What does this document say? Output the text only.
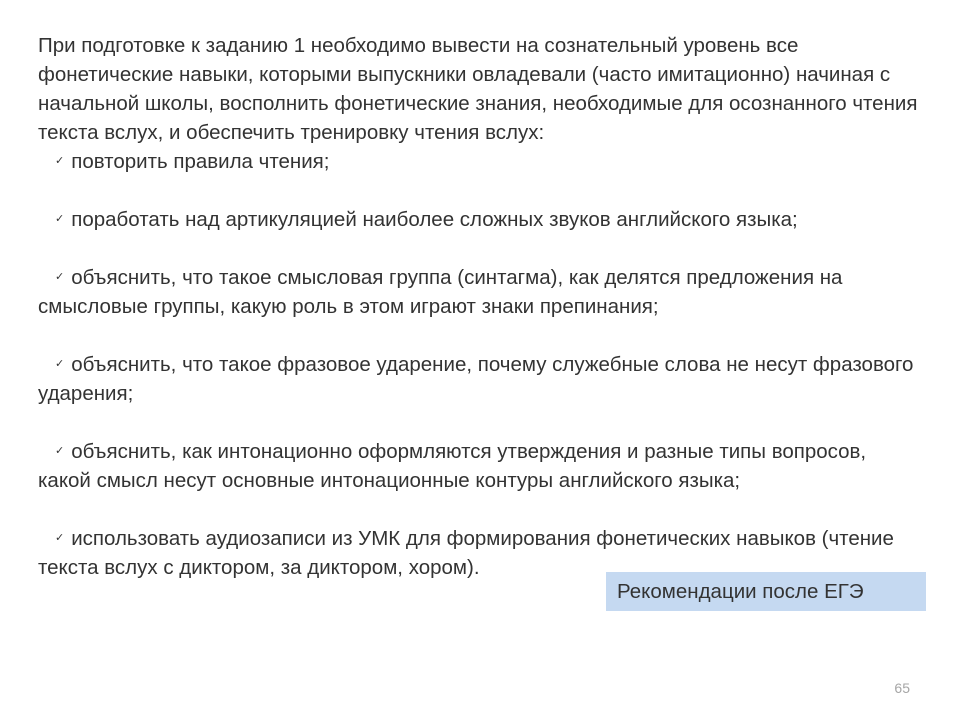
При подготовке к заданию 1 необходимо вывести на сознательный уровень все фонетические навыки, которыми выпускники овладевали (часто имитационно) начиная с начальной школы, восполнить фонетические знания, необходимые для осознанного чтения текста вслух, и обеспечить тренировку чтения вслух:

✓ повторить правила чтения;

✓ поработать над артикуляцией наиболее сложных звуков английского языка;

✓ объяснить, что такое смысловая группа (синтагма), как делятся предложения на смысловые группы, какую роль в этом играют знаки препинания;

✓ объяснить, что такое фразовое ударение, почему служебные слова не несут фразового ударения;

✓ объяснить, как интонационно оформляются утверждения и разные типы вопросов, какой смысл несут основные интонационные контуры английского языка;

✓ использовать аудиозаписи из УМК для формирования фонетических навыков (чтение текста вслух с диктором, за диктором, хором).

Рекомендации после ЕГЭ
65
